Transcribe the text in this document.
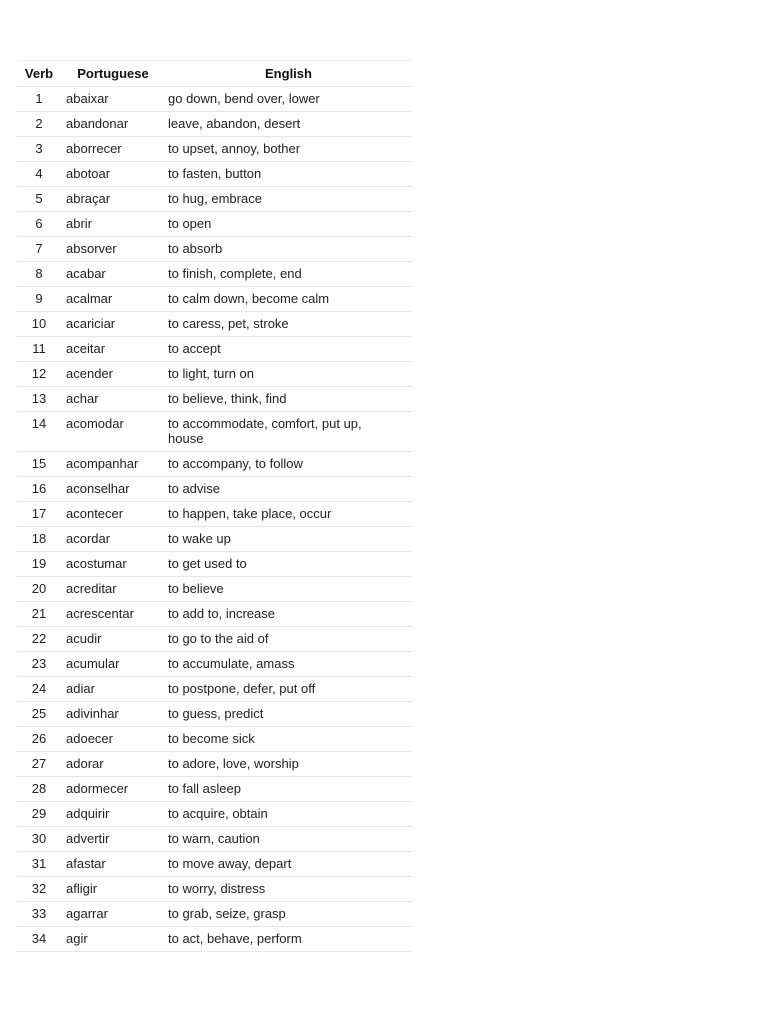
Verb	Portuguese	English
1	abaixar	go down, bend over, lower
2	abandonar	leave, abandon, desert
3	aborrecer	to upset, annoy, bother
4	abotoar	to fasten, button
5	abraçar	to hug, embrace
6	abrir	to open
7	absorver	to absorb
8	acabar	to finish, complete, end
9	acalmar	to calm down, become calm
10	acariciar	to caress, pet, stroke
11	aceitar	to accept
12	acender	to light, turn on
13	achar	to believe, think, find
14	acomodar	to accommodate, comfort, put up, house
15	acompanhar	to accompany, to follow
16	aconselhar	to advise
17	acontecer	to happen, take place, occur
18	acordar	to wake up
19	acostumar	to get used to
20	acreditar	to believe
21	acrescentar	to add to, increase
22	acudir	to go to the aid of
23	acumular	to accumulate, amass
24	adiar	to postpone, defer, put off
25	adivinhar	to guess, predict
26	adoecer	to become sick
27	adorar	to adore, love, worship
28	adormecer	to fall asleep
29	adquirir	to acquire, obtain
30	advertir	to warn, caution
31	afastar	to move away, depart
32	afligir	to worry, distress
33	agarrar	to grab, seize, grasp
34	agir	to act, behave, perform
